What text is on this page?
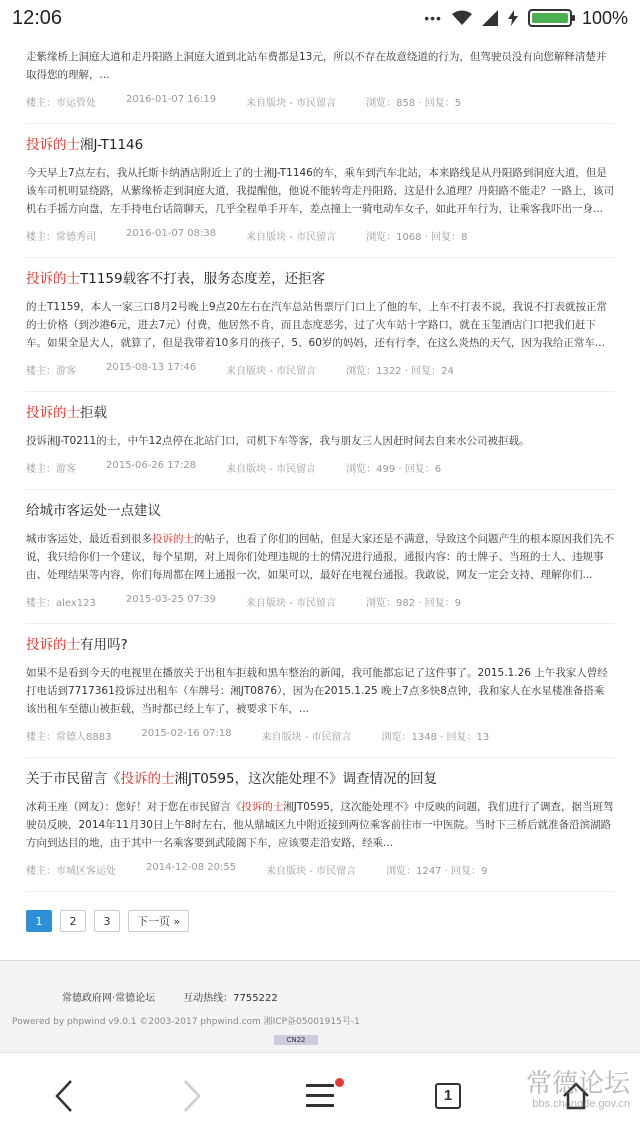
12:06	•••	100%
走紫缘桥上洞庭大道和走丹阳路上洞庭大道到北站车费都是13元，所以不存在故意绕道的行为，但驾驶员没有向您解释清楚并取得您的理解，...
楼主：市运管处	2016-01-07 16:19	来自版块 - 市民留言	浏览：858 · 回复：5
投诉的士湘J-T1146
今天早上7点左右，我从托斯卡纳酒店附近上了的士湘J-T1146的车，乘车到汽车北站，本来路线是从丹阳路到洞庭大道，但是该车司机明显绕路，从紫缘桥走到洞庭大道，我提醒他，他说不能转弯走丹阳路，这是什么道理？丹阳路不能走？一路上，该司机右手摇方向盘，左手持电台话筒聊天，几乎全程单手开车，差点撞上一骑电动车女子，如此开车行为，让乘客我吓出一身...
楼主：常德秀司	2016-01-07 08:38	来自版块 - 市民留言	浏览：1068 · 回复：8
投诉的士T1159载客不打表，服务态度差，还拒客
的士T1159，本人一家三口8月2号晚上9点20左右在汽车总站售票厅门口上了他的车，上车不打表不说，我说不打表就按正常的士价格（到沙港6元，进去7元）付费，他居然不肯，而且态度恶劣，过了火车站十字路口，就在玉玺酒店门口把我们赶下车。如果全是大人，就算了，但是我带着10多月的孩子，5、60岁的妈妈，还有行李，在这么炎热的天气，因为我给正常车...
楼主：游客	2015-08-13 17:46	来自版块 - 市民留言	浏览：1322 · 回复：24
投诉的士拒载
投诉湘J-T0211的士，中午12点停在北站门口，司机下车等客，我与朋友三人因赶时间去自来水公司被拒载。
楼主：游客	2015-06-26 17:28	来自版块 - 市民留言	浏览：499 · 回复：6
给城市客运处一点建议
城市客运处，最近看到很多投诉的士的帖子，也看了你们的回帖，但是大家还是不满意，导致这个问题产生的根本原因我们先不说，我只给你们一个建议，每个星期，对上周你们处理违规的士的情况进行通报，通报内容：的士牌子、当班的士人、违规事由、处理结果等内容，你们每周都在网上通报一次，如果可以，最好在电视台通报。我敢说，网友一定会支持、理解你们...
楼主：alex123	2015-03-25 07:39	来自版块 - 市民留言	浏览：982 · 回复：9
投诉的士有用吗?
如果不是看到今天的电视里在播放关于出租车拒载和黑车整治的新闻，我可能都忘记了这件事了。2015.1.26 上午我家人曾经打电话到7717361投诉过出租车（车牌号：湘JT0876），因为在2015.1.25 晚上7点多快8点钟，我和家人在水星楼准备搭乘该出租车至德山被拒载，当时都已经上车了，被要求下车，...
楼主：常德人8883	2015-02-16 07:18	来自版块 - 市民留言	浏览：1348 · 回复：13
关于市民留言《投诉的士湘JT0595，这次能处理不》调查情况的回复
冰莉王座（网友）：您好！对于您在市民留言《投诉的士湘JT0595，这次能处理不》中反映的问题，我们进行了调查，据当班驾驶员反映，2014年11月30日上午8时左右，他从鼎城区九中附近接到两位乘客前往市一中医院。当时下三桥后就准备沿滨湖路方向到达目的地，由于其中一名乘客要到武陵阁下车，应该要走沿安路，经乘...
楼主：市城区客运处	2014-12-08 20:55	来自版块 - 市民留言	浏览：1247 · 回复：9
1	2	3	下一页 »
常德政府网·常德论坛	互动热线：7755222
Powered by phpwind v9.0.1 ©2003-2017 phpwind.com 湘ICP备05001915号-1
CN22
1	常德论坛
bbs.changde.gov.cn
